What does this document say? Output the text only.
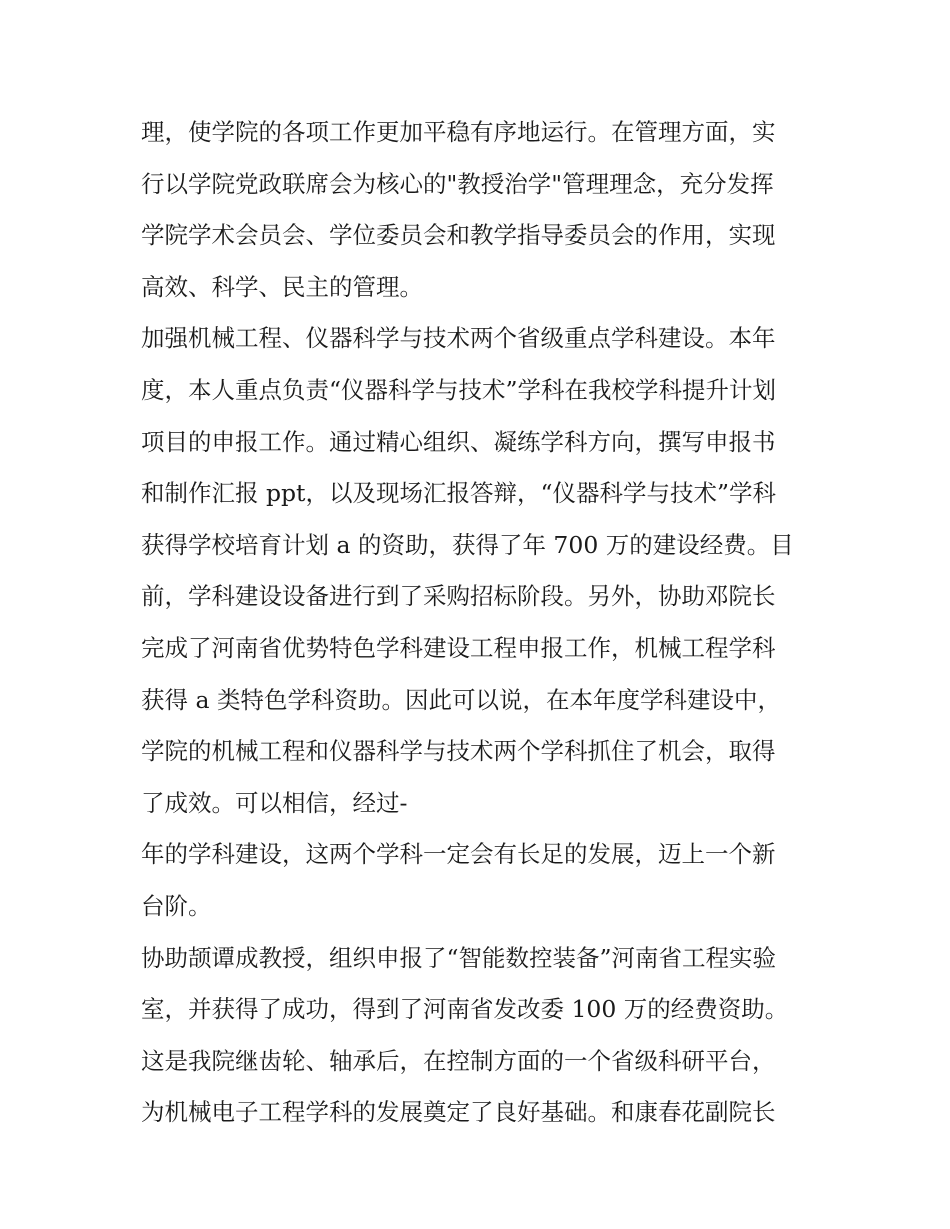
理，使学院的各项工作更加平稳有序地运行。在管理方面，实
行以学院党政联席会为核心的"教授治学"管理理念，充分发挥
学院学术会员会、学位委员会和教学指导委员会的作用，实现
高效、科学、民主的管理。
加强机械工程、仪器科学与技术两个省级重点学科建设。本年
度，本人重点负责“仪器科学与技术”学科在我校学科提升计划
项目的申报工作。通过精心组织、凝练学科方向，撰写申报书
和制作汇报 ppt，以及现场汇报答辩，“仪器科学与技术”学科
获得学校培育计划 a 的资助，获得了年 700 万的建设经费。目
前，学科建设设备进行到了采购招标阶段。另外，协助邓院长
完成了河南省优势特色学科建设工程申报工作，机械工程学科
获得 a 类特色学科资助。因此可以说，在本年度学科建设中，
学院的机械工程和仪器科学与技术两个学科抓住了机会，取得
了成效。可以相信，经过-
年的学科建设，这两个学科一定会有长足的发展，迈上一个新
台阶。
协助颉谭成教授，组织申报了“智能数控装备”河南省工程实验
室，并获得了成功，得到了河南省发改委 100 万的经费资助。
这是我院继齿轮、轴承后，在控制方面的一个省级科研平台，
为机械电子工程学科的发展奠定了良好基础。和康春花副院长
